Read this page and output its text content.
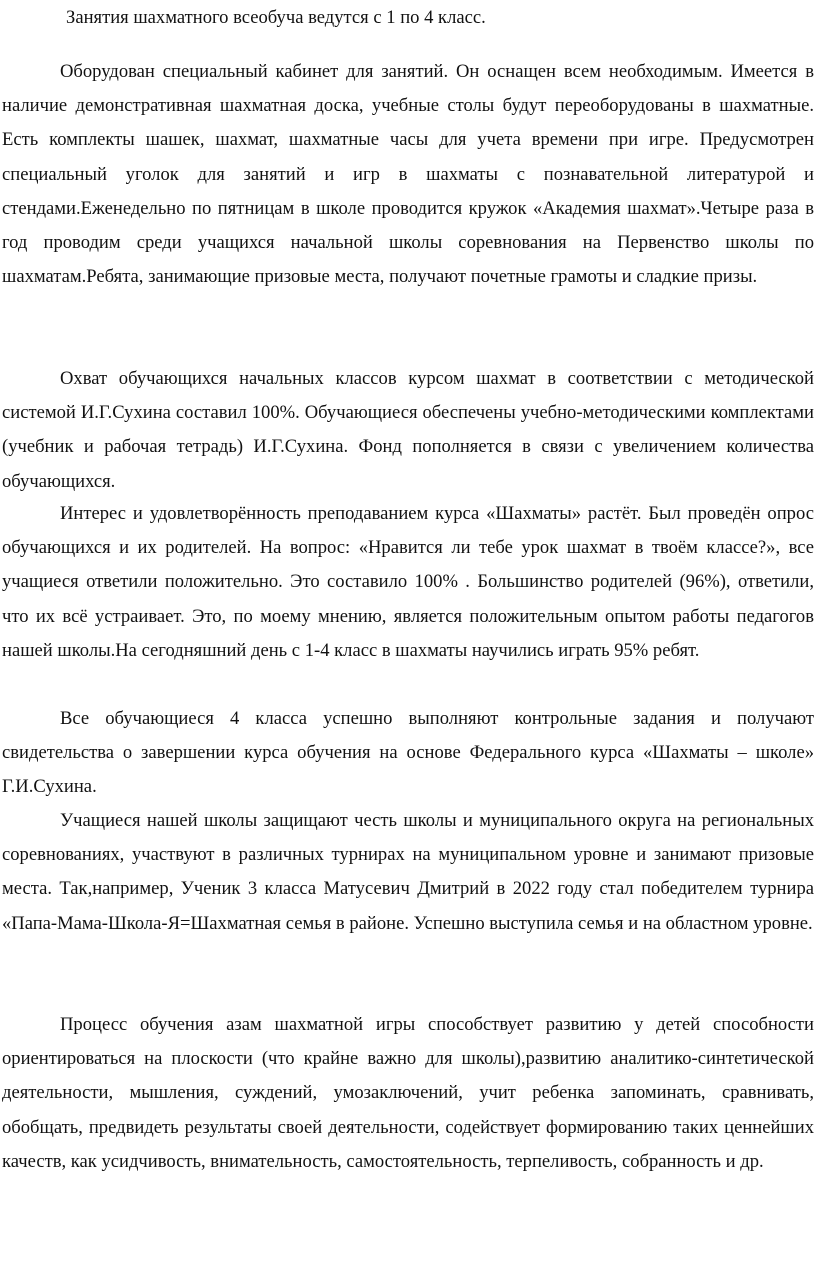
Занятия шахматного всеобуча ведутся с 1 по 4 класс.

Оборудован специальный кабинет для занятий. Он оснащен всем необходимым. Имеется в наличие демонстративная шахматная доска, учебные столы будут переоборудованы в шахматные. Есть комплекты шашек, шахмат, шахматные часы для учета времени при игре. Предусмотрен специальный уголок для занятий и игр в шахматы с познавательной литературой и стендами.Еженедельно по пятницам в школе проводится кружок «Академия шахмат».Четыре раза в год проводим среди учащихся начальной школы соревнования на Первенство школы по шахматам.Ребята, занимающие призовые места, получают почетные грамоты и сладкие призы.

Охват обучающихся начальных классов курсом шахмат в соответствии с методической системой И.Г.Сухина составил 100%. Обучающиеся обеспечены учебно-методическими комплектами (учебник и рабочая тетрадь) И.Г.Сухина. Фонд пополняется в связи с увеличением количества обучающихся.

Интерес и удовлетворённость преподаванием курса «Шахматы» растёт. Был проведён опрос обучающихся и их родителей. На вопрос: «Нравится ли тебе урок шахмат в твоём классе?», все учащиеся ответили положительно. Это составило 100% . Большинство родителей (96%), ответили, что их всё устраивает. Это, по моему мнению, является положительным опытом работы педагогов нашей школы.На сегодняшний день с 1-4 класс в шахматы научились играть 95% ребят.

Все обучающиеся 4 класса успешно выполняют контрольные задания и получают свидетельства о завершении курса обучения на основе Федерального курса «Шахматы – школе» Г.И.Сухина.

Учащиеся нашей школы защищают честь школы и муниципального округа на региональных соревнованиях, участвуют в различных турнирах на муниципальном уровне и занимают призовые места. Так,например, Ученик 3 класса Матусевич Дмитрий в 2022 году стал победителем турнира «Папа-Мама-Школа-Я=Шахматная семья в районе. Успешно выступила семья и на областном уровне.

Процесс обучения азам шахматной игры способствует развитию у детей способности ориентироваться на плоскости (что крайне важно для школы),развитию аналитико-синтетической деятельности, мышления, суждений, умозаключений, учит ребенка запоминать, сравнивать, обобщать, предвидеть результаты своей деятельности, содействует формированию таких ценнейших качеств, как усидчивость, внимательность, самостоятельность, терпеливость, собранность и др.
